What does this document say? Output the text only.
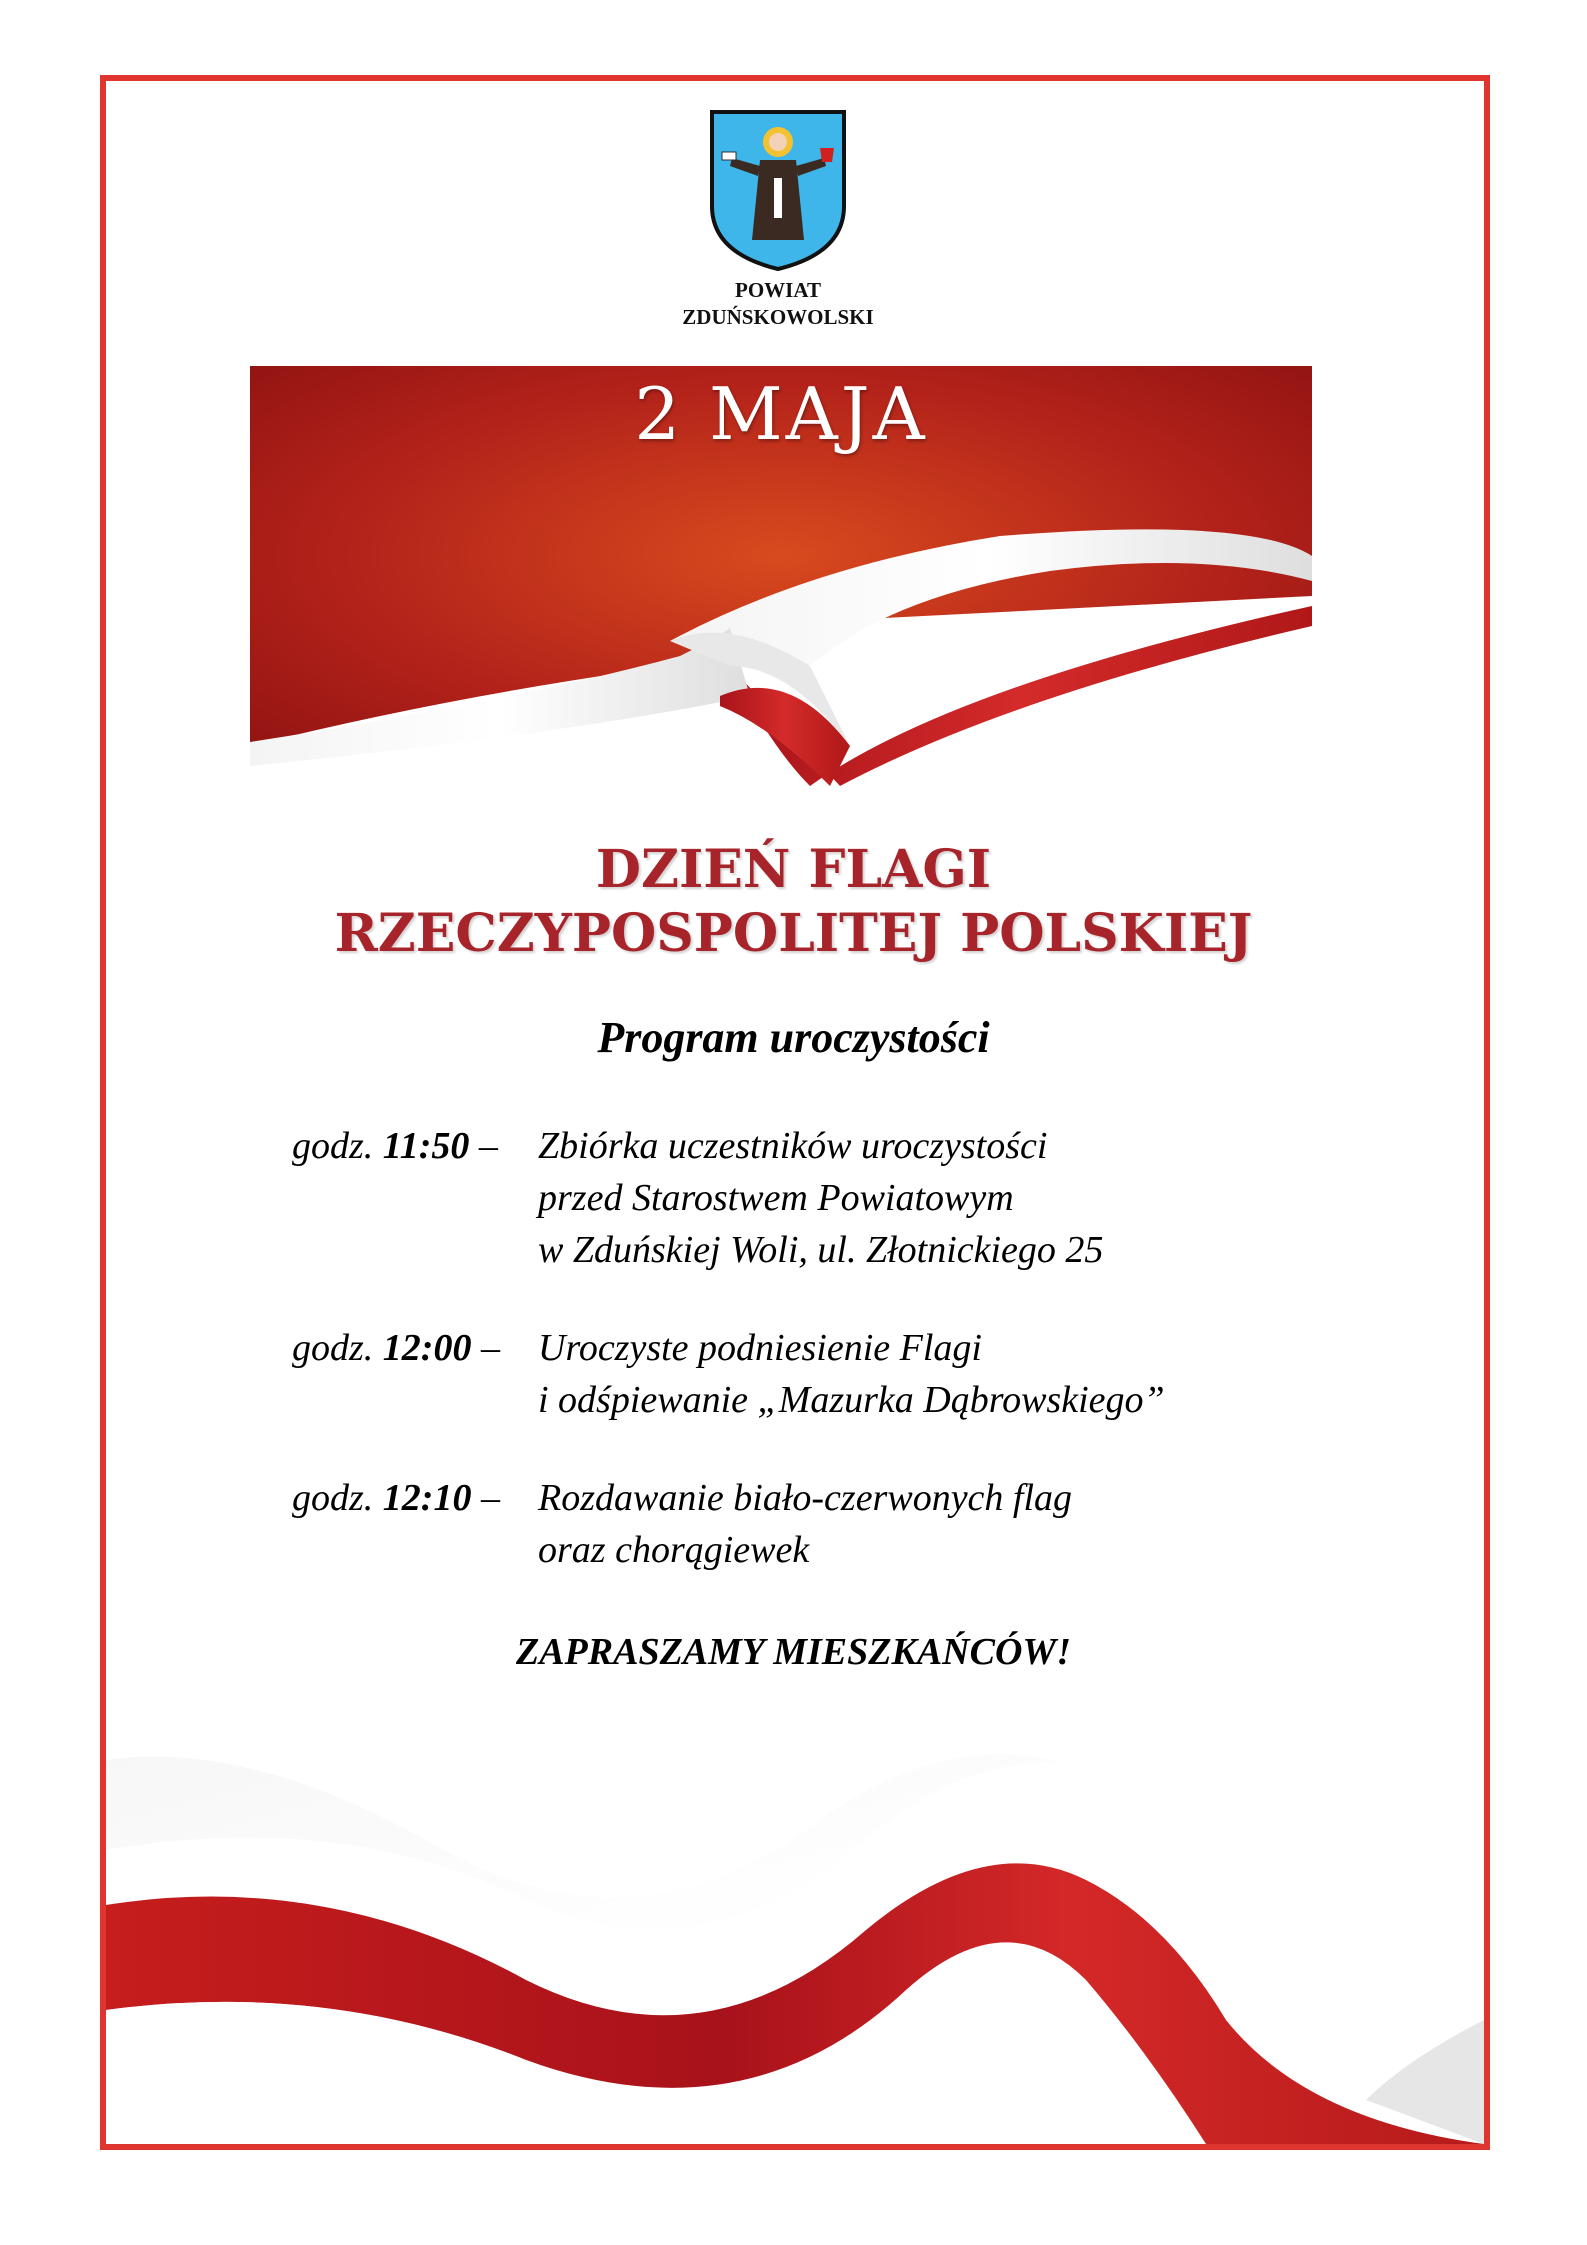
POWIAT
ZDUŃSKOWOLSKI
2 MAJA
DZIEŃ FLAGI
RZECZYPOSPOLITEJ POLSKIEJ
Program uroczystości
godz. 11:50 – Zbiórka uczestników uroczystości
przed Starostwem Powiatowym
w Zduńskiej Woli, ul. Złotnickiego 25
godz. 12:00 – Uroczyste podniesienie Flagi
i odśpiewanie „Mazurka Dąbrowskiego”
godz. 12:10 – Rozdawanie biało-czerwonych flag
oraz chorągiewek
ZAPRASZAMY MIESZKAŃCÓW!
